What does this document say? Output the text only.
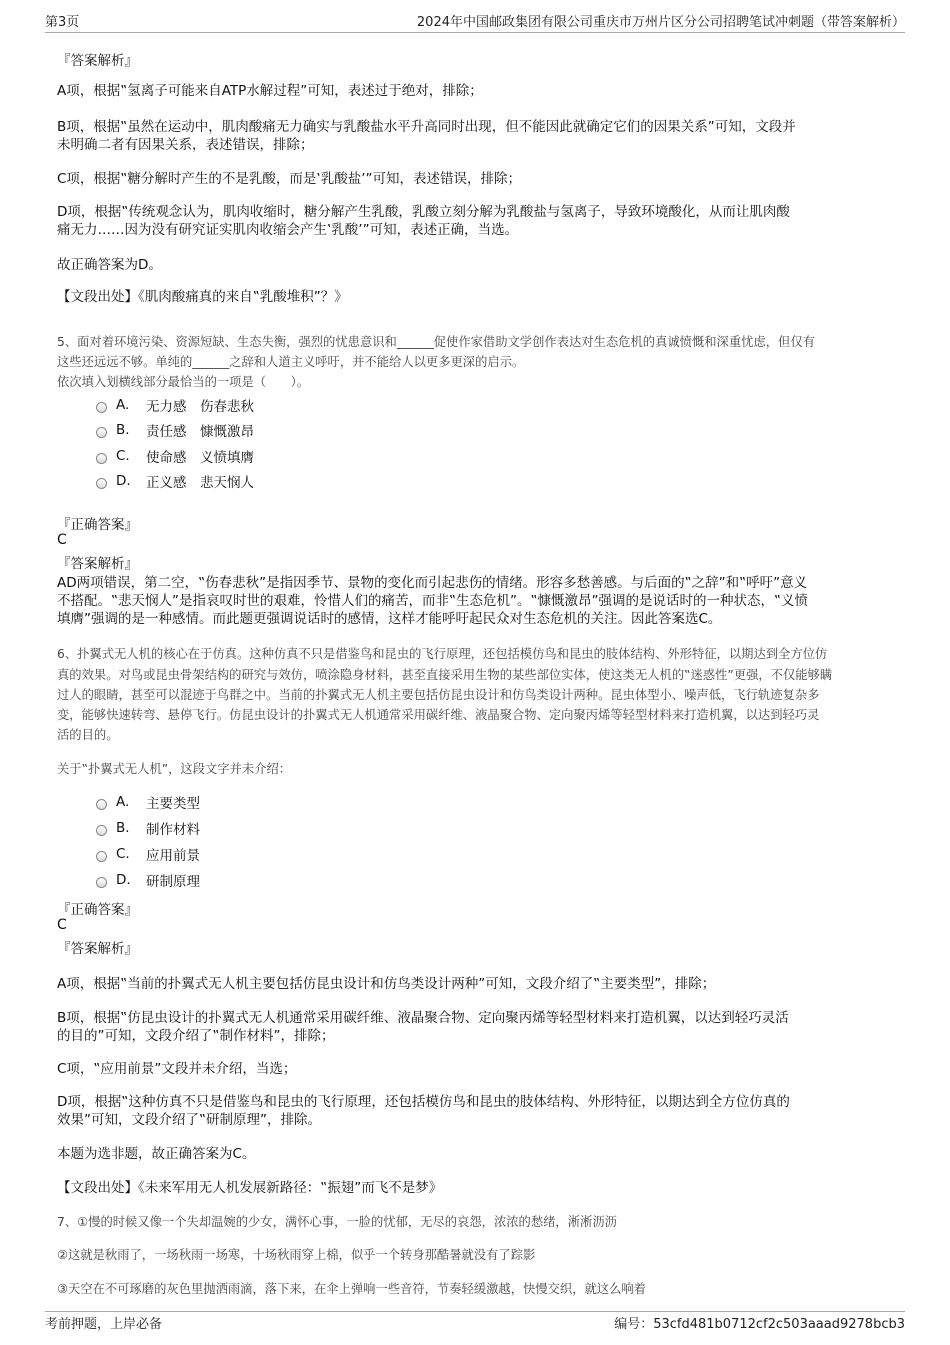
第3页	2024年中国邮政集团有限公司重庆市万州片区分公司招聘笔试冲刺题（带答案解析）
『答案解析』
A项，根据‟氢离子可能来自ATP水解过程”可知，表述过于绝对，排除；
B项，根据‟虽然在运动中，肌肉酸痛无力确实与乳酸盐水平升高同时出现，但不能因此就确定它们的因果关系”可知，文段并
未明确二者有因果关系，表述错误，排除；
C项，根据‟糖分解时产生的不是乳酸，而是‛乳酸盐’”可知，表述错误，排除；
D项，根据‟传统观念认为，肌肉收缩时，糖分解产生乳酸，乳酸立刻分解为乳酸盐与氢离子，导致环境酸化，从而让肌肉酸
痛无力……因为没有研究证实肌肉收缩会产生‛乳酸’”可知，表述正确，当选。
故正确答案为D。
【文段出处】《肌肉酸痛真的来自‟乳酸堆积”？》
5、面对着环境污染、资源短缺、生态失衡，强烈的忧患意识和______促使作家借助文学创作表达对生态危机的真诚愤慨和深重忧虑，但仅有
这些还远远不够。单纯的______之辞和人道主义呼吁，并不能给人以更多更深的启示。
依次填入划横线部分最恰当的一项是（　　）。
A.	无力感　伤春悲秋
B.	责任感　慷慨激昂
C.	使命感　义愤填膺
D.	正义感　悲天悯人
『正确答案』
C
『答案解析』
AD两项错误，第二空，‟伤春悲秋”是指因季节、景物的变化而引起悲伤的情绪。形容多愁善感。与后面的‟之辞”和‟呼吁”意义
不搭配。‟悲天悯人”是指哀叹时世的艰难，怜惜人们的痛苦，而非‟生态危机”。‟慷慨激昂”强调的是说话时的一种状态，‟义愤
填膺”强调的是一种感情。而此题更强调说话时的感情，这样才能呼吁起民众对生态危机的关注。因此答案选C。
6、扑翼式无人机的核心在于仿真。这种仿真不只是借鉴鸟和昆虫的飞行原理，还包括模仿鸟和昆虫的肢体结构、外形特征，以期达到全方位仿
真的效果。对鸟或昆虫骨架结构的研究与效仿，喷涂隐身材料，甚至直接采用生物的某些部位实体，使这类无人机的‟迷惑性”更强，不仅能够瞒
过人的眼睛，甚至可以混迹于鸟群之中。当前的扑翼式无人机主要包括仿昆虫设计和仿鸟类设计两种。昆虫体型小、噪声低，飞行轨迹复杂多
变，能够快速转弯、悬停飞行。仿昆虫设计的扑翼式无人机通常采用碳纤维、液晶聚合物、定向聚丙烯等轻型材料来打造机翼，以达到轻巧灵
活的目的。
关于‟扑翼式无人机”，这段文字并未介绍：
A.	主要类型
B.	制作材料
C.	应用前景
D.	研制原理
『正确答案』
C
『答案解析』
A项，根据‟当前的扑翼式无人机主要包括仿昆虫设计和仿鸟类设计两种”可知，文段介绍了‟主要类型”，排除；
B项，根据‟仿昆虫设计的扑翼式无人机通常采用碳纤维、液晶聚合物、定向聚丙烯等轻型材料来打造机翼，以达到轻巧灵活
的目的”可知，文段介绍了‟制作材料”，排除；
C项，‟应用前景”文段并未介绍，当选；
D项，根据‟这种仿真不只是借鉴鸟和昆虫的飞行原理，还包括模仿鸟和昆虫的肢体结构、外形特征，以期达到全方位仿真的
效果”可知，文段介绍了‟研制原理”，排除。
本题为选非题，故正确答案为C。
【文段出处】《未来军用无人机发展新路径：‟振翅”而飞不是梦》
7、①慢的时候又像一个失却温婉的少女，满怀心事，一脸的忧郁，无尽的哀怨，浓浓的愁绪，淅淅沥沥
②这就是秋雨了，一场秋雨一场寒，十场秋雨穿上棉，似乎一个转身那酷暑就没有了踪影
③天空在不可琢磨的灰色里抛洒雨滴，落下来，在伞上弹响一些音符，节奏轻缓激越，快慢交织，就这么响着
考前押题，上岸必备	编号：53cfd481b0712cf2c503aaad9278bcb3
